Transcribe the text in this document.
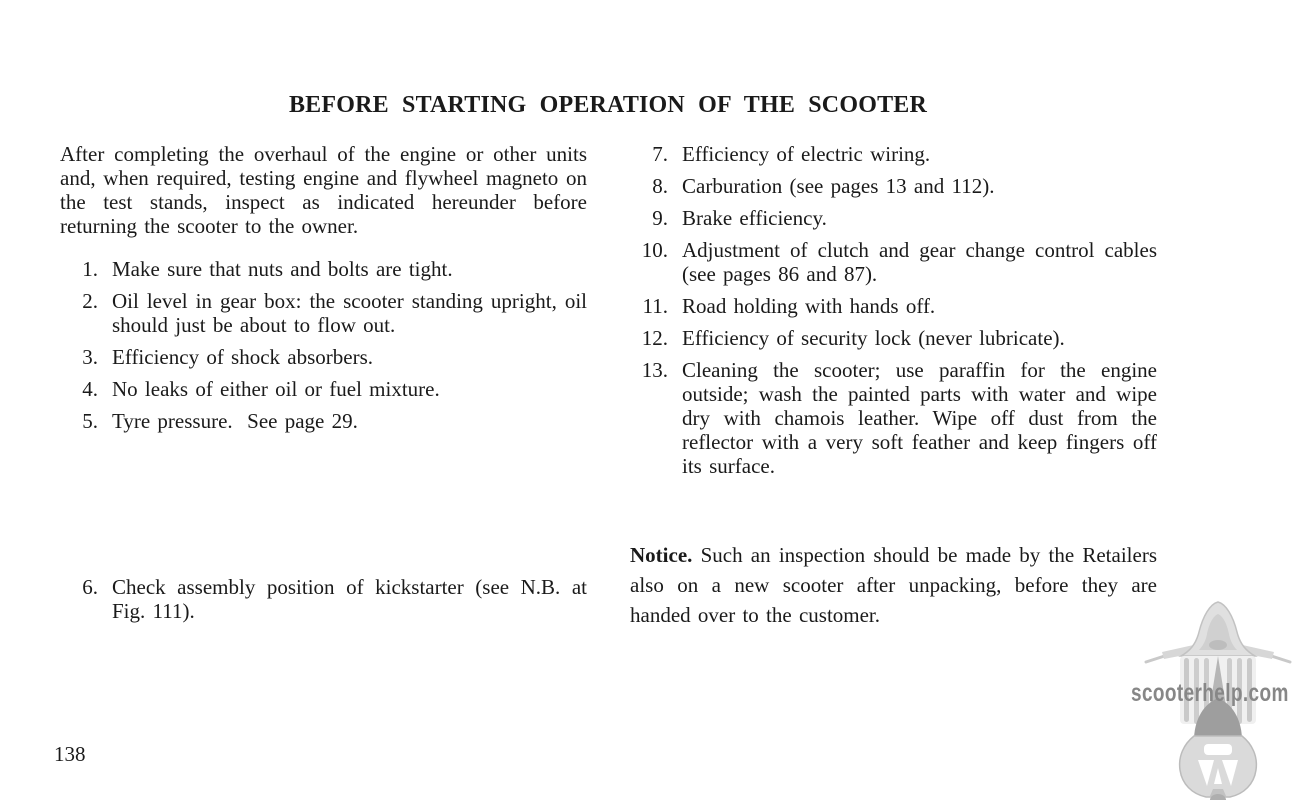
BEFORE STARTING OPERATION OF THE SCOOTER

After completing the overhaul of the engine or other units and, when required, testing engine and flywheel magneto on the test stands, inspect as indicated hereunder before returning the scooter to the owner.

1. Make sure that nuts and bolts are tight.
2. Oil level in gear box: the scooter standing upright, oil should just be about to flow out.
3. Efficiency of shock absorbers.
4. No leaks of either oil or fuel mixture.
5. Tyre pressure.  See page 29.
6. Check assembly position of kickstarter (see N.B. at Fig. 111).
7. Efficiency of electric wiring.
8. Carburation (see pages 13 and 112).
9. Brake efficiency.
10. Adjustment of clutch and gear change control cables (see pages 86 and 87).
11. Road holding with hands off.
12. Efficiency of security lock (never lubricate).
13. Cleaning the scooter; use paraffin for the engine outside; wash the painted parts with water and wipe dry with chamois leather. Wipe off dust from the reflector with a very soft feather and keep fingers off its surface.

Notice. Such an inspection should be made by the Retailers also on a new scooter after unpacking, before they are handed over to the customer.

138
scooterhelp.com
